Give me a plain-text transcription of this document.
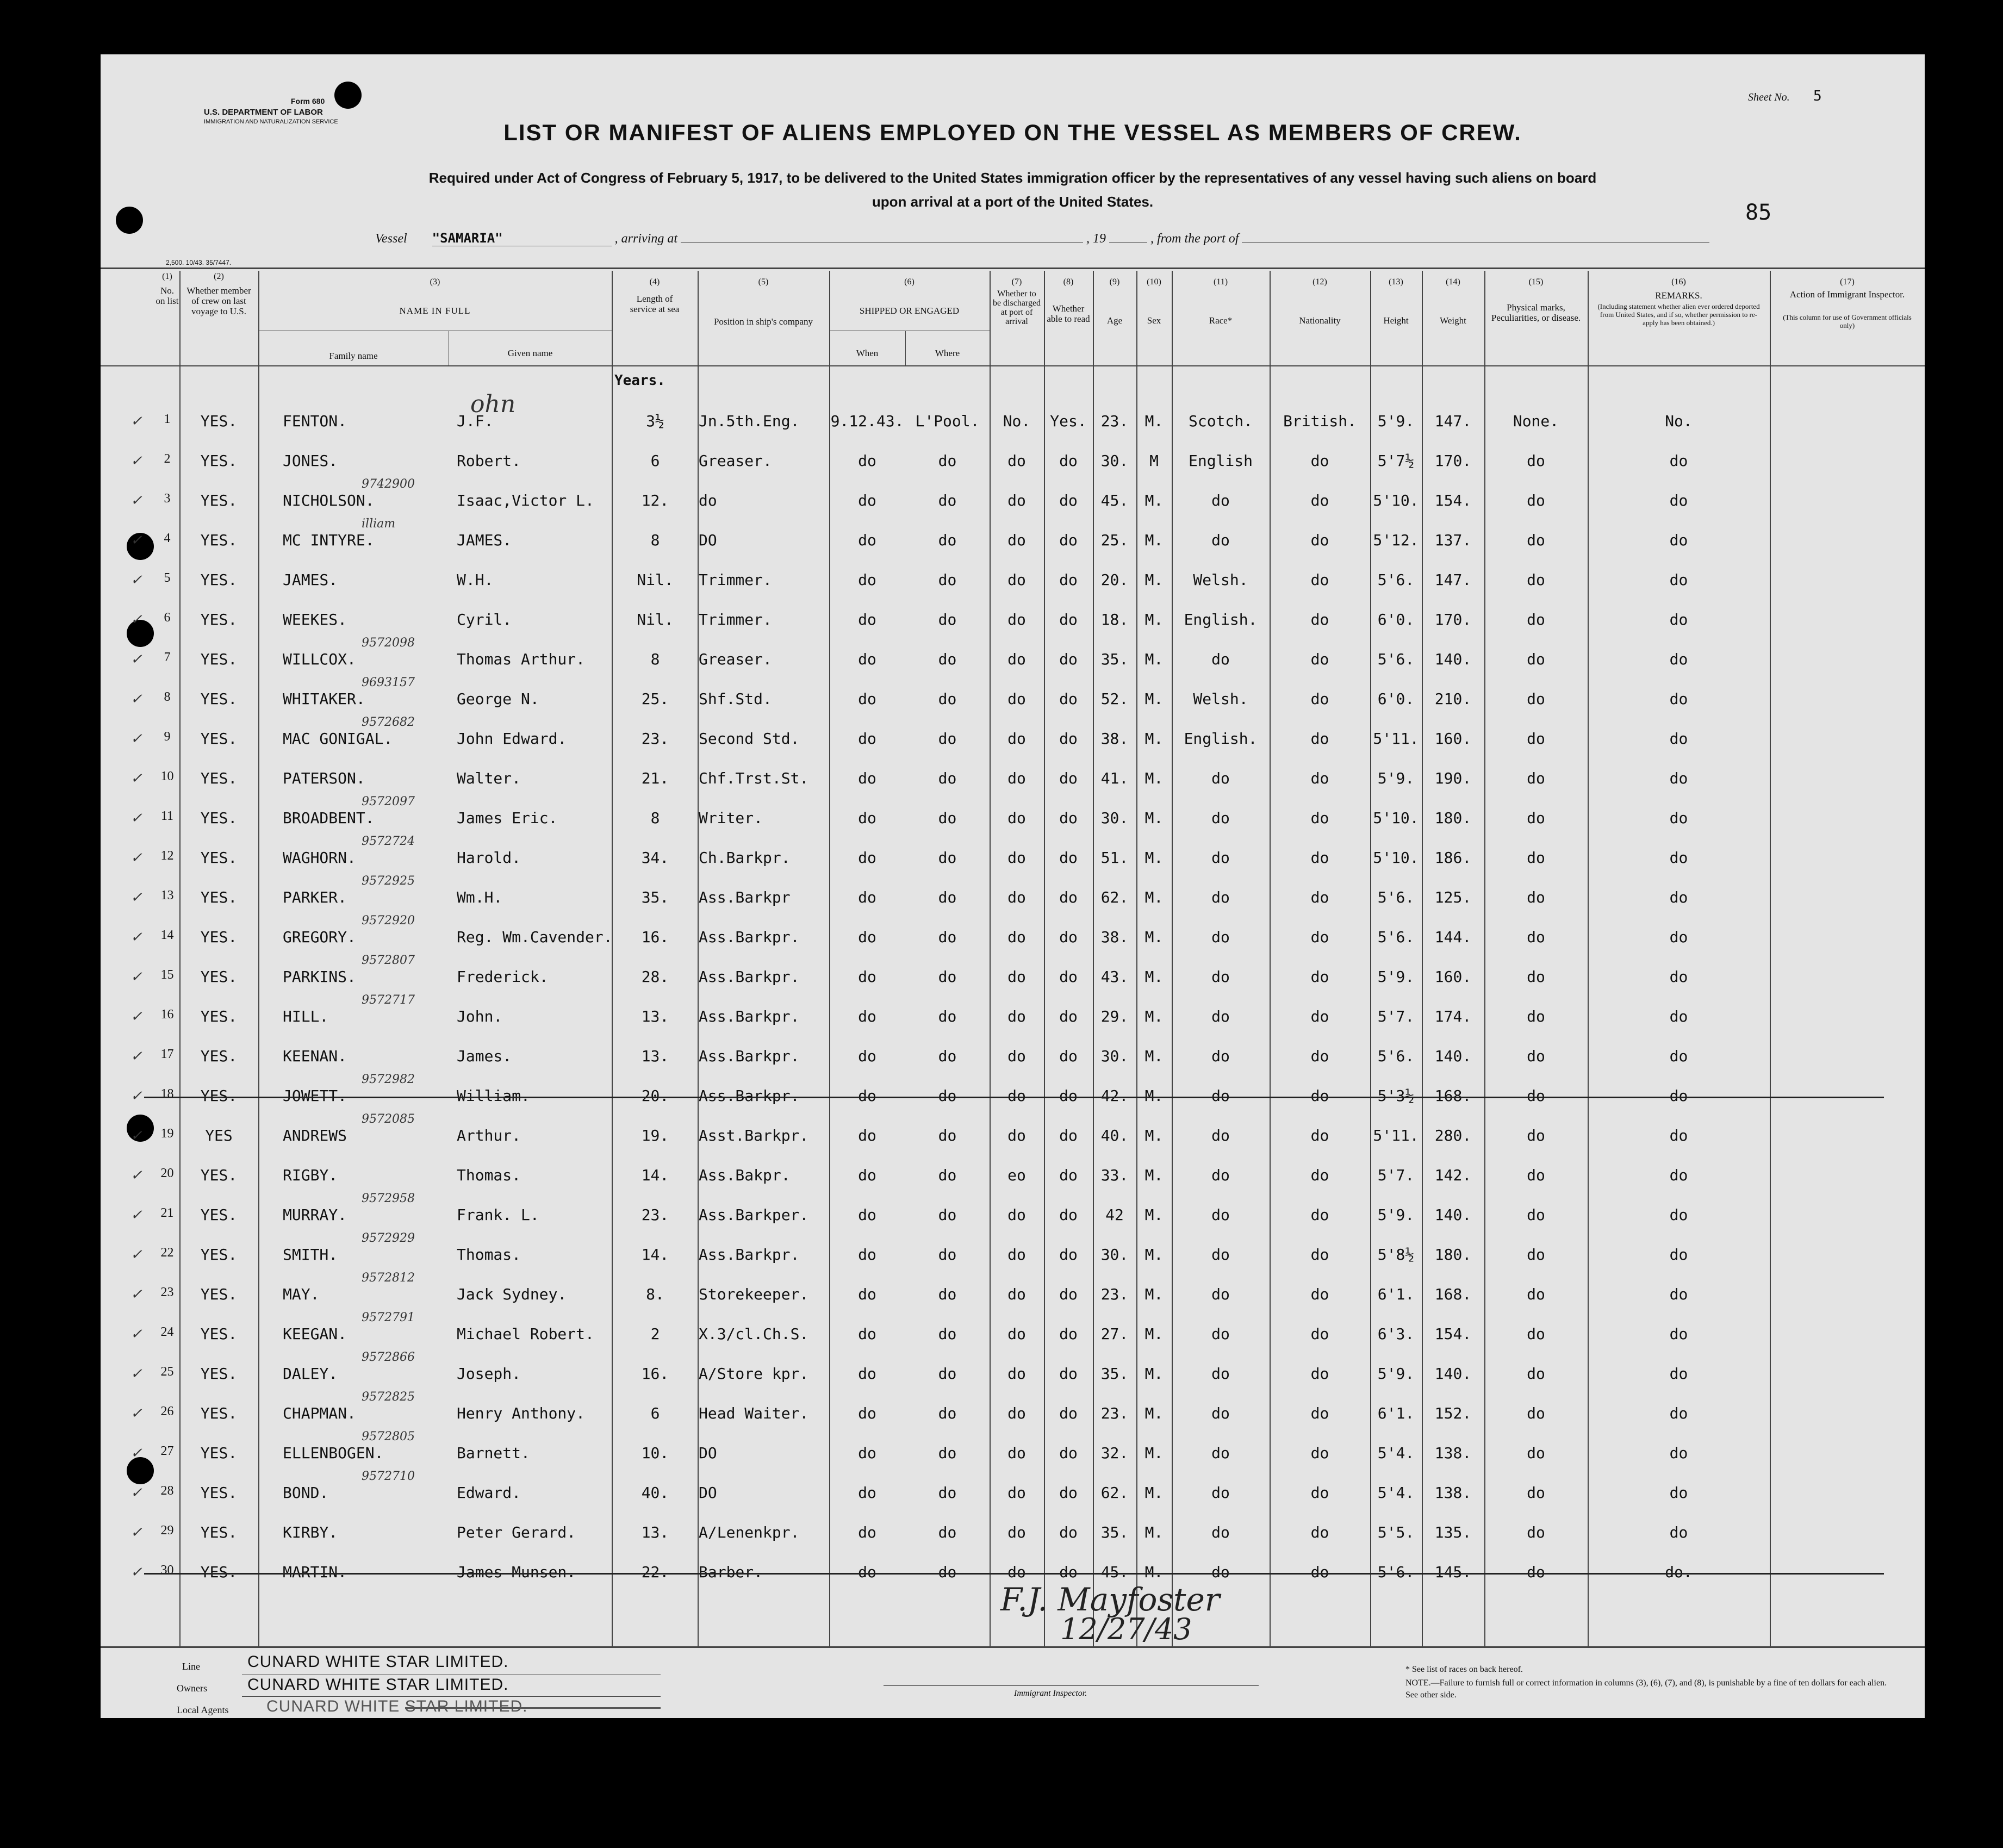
Form 680
U.S. DEPARTMENT OF LABOR
IMMIGRATION AND NATURALIZATION SERVICE
Sheet No. 5
85
LIST OR MANIFEST OF ALIENS EMPLOYED ON THE VESSEL AS MEMBERS OF CREW.
Required under Act of Congress of February 5, 1917, to be delivered to the United States immigration officer by the representatives of any vessel having such aliens on board
upon arrival at a port of the United States.
Vessel "SAMARIA"	, arriving at	, 19	, from the port of
2,500. 10/43. 35/7447.
(1)
No. on list
(2)
Whether member of crew on last voyage to U.S.
(3)
NAME IN FULL
Family name	Given name
(4)
Length of service at sea
(5)
Position in ship's company
(6)
SHIPPED OR ENGAGED
When	Where
(7)
Whether to be discharged at port of arrival
(8)
Whether able to read
(9)
Age
(10)
Sex
(11)
Race*
(12)
Nationality
(13)
Height
(14)
Weight
(15)
Physical marks, Peculiarities, or disease.
(16)
REMARKS.
(Including statement whether alien ever ordered deported from United States, and if so, whether permission to re-apply has been obtained.)
(17)
Action of Immigrant Inspector.
(This column for use of Government officials only)
Years.
✓	1	YES.	FENTON.	J.F.	3½	Jn.5th.Eng.	9.12.43. L'Pool.	No.	Yes. 23.	M.	Scotch.	British.	5'9.	147.	None.	No.
ohn
✓	2	YES.	JONES.	Robert.	6	Greaser.	do	do	do	do	30.	M	English	do	5'7½	170.	do	do
✓	3	YES.	NICHOLSON.	Isaac,Victor L.	12.	do	do	do	do	do	45.	M.	do	do	5'10.	154.	do	do
9742900
✓	4	YES.	MC INTYRE.	JAMES.	8	DO	do	do	do	do	25.	M.	do	do	5'12.	137.	do	do
illiam
✓	5	YES.	JAMES.	W.H.	Nil.	Trimmer.	do	do	do	do	20.	M.	Welsh.	do	5'6.	147.	do	do
✓	6	YES.	WEEKES.	Cyril.	Nil.	Trimmer.	do	do	do	do	18.	M.	English.	do	6'0.	170.	do	do
✓	7	YES.	WILLCOX.	Thomas Arthur.	8	Greaser.	do	do	do	do	35.	M.	do	do	5'6.	140.	do	do
9572098
✓	8	YES.	WHITAKER.	George N.	25.	Shf.Std.	do	do	do	do	52.	M.	Welsh.	do	6'0.	210.	do	do
9693157
✓	9	YES.	MAC GONIGAL.	John Edward.	23.	Second Std.	do	do	do	do	38.	M.	English.	do	5'11.	160.	do	do
9572682
✓	10	YES.	PATERSON.	Walter.	21.	Chf.Trst.St.	do	do	do	do	41.	M.	do	do	5'9.	190.	do	do
✓	11	YES.	BROADBENT.	James Eric.	8	Writer.	do	do	do	do	30.	M.	do	do	5'10.	180.	do	do
9572097
✓	12	YES.	WAGHORN.	Harold.	34.	Ch.Barkpr.	do	do	do	do	51.	M.	do	do	5'10.	186.	do	do
9572724
✓	13	YES.	PARKER.	Wm.H.	35.	Ass.Barkpr	do	do	do	do	62.	M.	do	do	5'6.	125.	do	do
9572925
✓	14	YES.	GREGORY.	Reg. Wm.Cavender.	16.	Ass.Barkpr.	do	do	do	do	38.	M.	do	do	5'6.	144.	do	do
9572920
✓	15	YES.	PARKINS.	Frederick.	28.	Ass.Barkpr.	do	do	do	do	43.	M.	do	do	5'9.	160.	do	do
9572807
✓	16	YES.	HILL.	John.	13.	Ass.Barkpr.	do	do	do	do	29.	M.	do	do	5'7.	174.	do	do
9572717
✓	17	YES.	KEENAN.	James.	13.	Ass.Barkpr.	do	do	do	do	30.	M.	do	do	5'6.	140.	do	do
✓	18	YES.	JOWETT.	William.	20.	Ass.Barkpr.	do	do	do	do	42.	M.	do	do	5'3½	168.	do	do
9572982
✓	19	YES	ANDREWS	Arthur.	19.	Asst.Barkpr.	do	do	do	do	40.	M.	do	do	5'11.	280.	do	do
9572085
✓	20	YES.	RIGBY.	Thomas.	14.	Ass.Bakpr.	do	do	eo	do	33.	M.	do	do	5'7.	142.	do	do
✓	21	YES.	MURRAY.	Frank. L.	23.	Ass.Barkper.	do	do	do	do	42	M.	do	do	5'9.	140.	do	do
9572958
✓	22	YES.	SMITH.	Thomas.	14.	Ass.Barkpr.	do	do	do	do	30.	M.	do	do	5'8½	180.	do	do
9572929
✓	23	YES.	MAY.	Jack Sydney.	8.	Storekeeper.	do	do	do	do	23.	M.	do	do	6'1.	168.	do	do
9572812
✓	24	YES.	KEEGAN.	Michael Robert.	2	X.3/cl.Ch.S.	do	do	do	do	27.	M.	do	do	6'3.	154.	do	do
9572791
✓	25	YES.	DALEY.	Joseph.	16.	A/Store kpr.	do	do	do	do	35.	M.	do	do	5'9.	140.	do	do
9572866
✓	26	YES.	CHAPMAN.	Henry Anthony.	6	Head Waiter.	do	do	do	do	23.	M.	do	do	6'1.	152.	do	do
9572825
✓	27	YES.	ELLENBOGEN.	Barnett.	10.	DO	do	do	do	do	32.	M.	do	do	5'4.	138.	do	do
9572805
✓	28	YES.	BOND.	Edward.	40.	DO	do	do	do	do	62.	M.	do	do	5'4.	138.	do	do
9572710
✓	29	YES.	KIRBY.	Peter Gerard.	13.	A/Lenenkpr.	do	do	do	do	35.	M.	do	do	5'5.	135.	do	do
✓	30	YES.	MARTIN.	James Munsen.	22.	Barber.	do	do	do	do	45.	M.	do	do	5'6.	145.	do	do.
F.J. Mayfoster
12/27/43
Line
Owners
Local Agents
CUNARD WHITE STAR LIMITED.
CUNARD WHITE STAR LIMITED.
CUNARD WHITE STAR LIMITED.
Immigrant Inspector.
* See list of races on back hereof.
NOTE.—Failure to furnish full or correct information in columns (3), (6), (7), and (8), is punishable by a fine of ten dollars for each alien. See other side.
